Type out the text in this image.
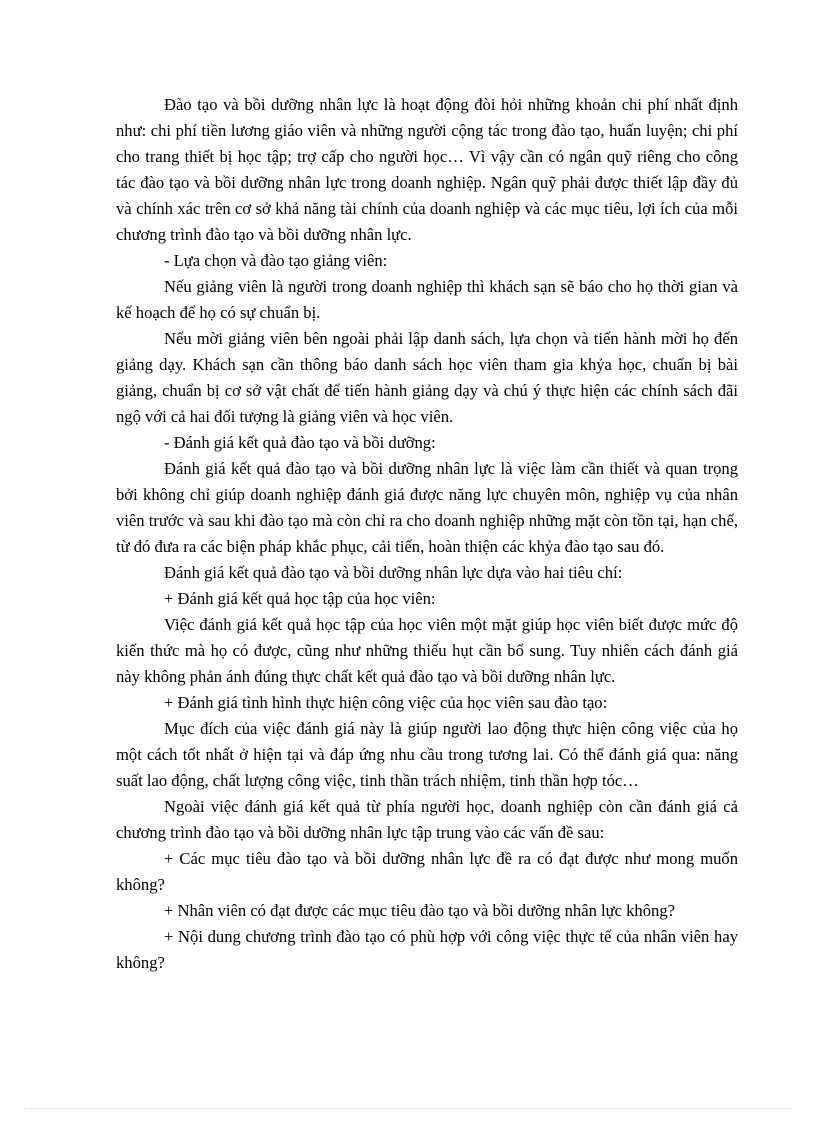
Đào tạo và bồi dưỡng nhân lực là hoạt động đòi hỏi những khoản chi phí nhất định như: chi phí tiền lương giáo viên và những người cộng tác trong đào tạo, huấn luyện; chi phí cho trang thiết bị học tập; trợ cấp cho người học… Vì vậy cần có ngân quỹ riêng cho công tác đào tạo và bồi dưỡng nhân lực trong doanh nghiệp. Ngân quỹ phải được thiết lập đầy đủ và chính xác trên cơ sở khả năng tài chính của doanh nghiệp và các mục tiêu, lợi ích của mỗi chương trình đào tạo và bồi dưỡng nhân lực.

- Lựa chọn và đào tạo giảng viên:

Nếu giảng viên là người trong doanh nghiệp thì khách sạn sẽ báo cho họ thời gian và kế hoạch để họ có sự chuẩn bị.

Nếu mời giảng viên bên ngoài phải lập danh sách, lựa chọn và tiến hành mời họ đến giảng dạy. Khách sạn cần thông báo danh sách học viên tham gia khỷa học, chuẩn bị bài giảng, chuẩn bị cơ sở vật chất để tiến hành giảng dạy và chú ý thực hiện các chính sách đãi ngộ với cả hai đối tượng là giảng viên và học viên.

- Đánh giá kết quả đào tạo và bồi dưỡng:

Đánh giá kết quả đào tạo và bồi dưỡng nhân lực là việc làm cần thiết và quan trọng bởi không chỉ giúp doanh nghiệp đánh giá được năng lực chuyên môn, nghiệp vụ của nhân viên trước và sau khi đào tạo mà còn chỉ ra cho doanh nghiệp những mặt còn tồn tại, hạn chế, từ đó đưa ra các biện pháp khắc phục, cải tiến, hoàn thiện các khỷa đào tạo sau đó.

Đánh giá kết quả đào tạo và bồi dưỡng nhân lực dựa vào hai tiêu chí:

+ Đánh giá kết quả học tập của học viên:

Việc đánh giá kết quả học tập của học viên một mặt giúp học viên biết được mức độ kiến thức mà họ có được, cũng như những thiếu hụt cần bổ sung. Tuy nhiên cách đánh giá này không phản ánh đúng thực chất kết quả đào tạo và bồi dưỡng nhân lực.

+ Đánh giá tình hình thực hiện công việc của học viên sau đào tạo:

Mục đích của việc đánh giá này là giúp người lao động thực hiện công việc của họ một cách tốt nhất ở hiện tại và đáp ứng nhu cầu trong tương lai. Có thể đánh giá qua: năng suất lao động, chất lượng công việc, tinh thần trách nhiệm, tinh thần hợp tóc…

Ngoài việc đánh giá kết quả từ phía người học, doanh nghiệp còn cần đánh giá cả chương trình đào tạo và bồi dưỡng nhân lực tập trung vào các vấn đề sau:

+ Các mục tiêu đào tạo và bồi dưỡng nhân lực đề ra có đạt được như mong muốn không?

+ Nhân viên có đạt được các mục tiêu đào tạo và bồi dưỡng nhân lực không?

+ Nội dung chương trình đào tạo có phù hợp với công việc thực tế của nhân viên hay không?
